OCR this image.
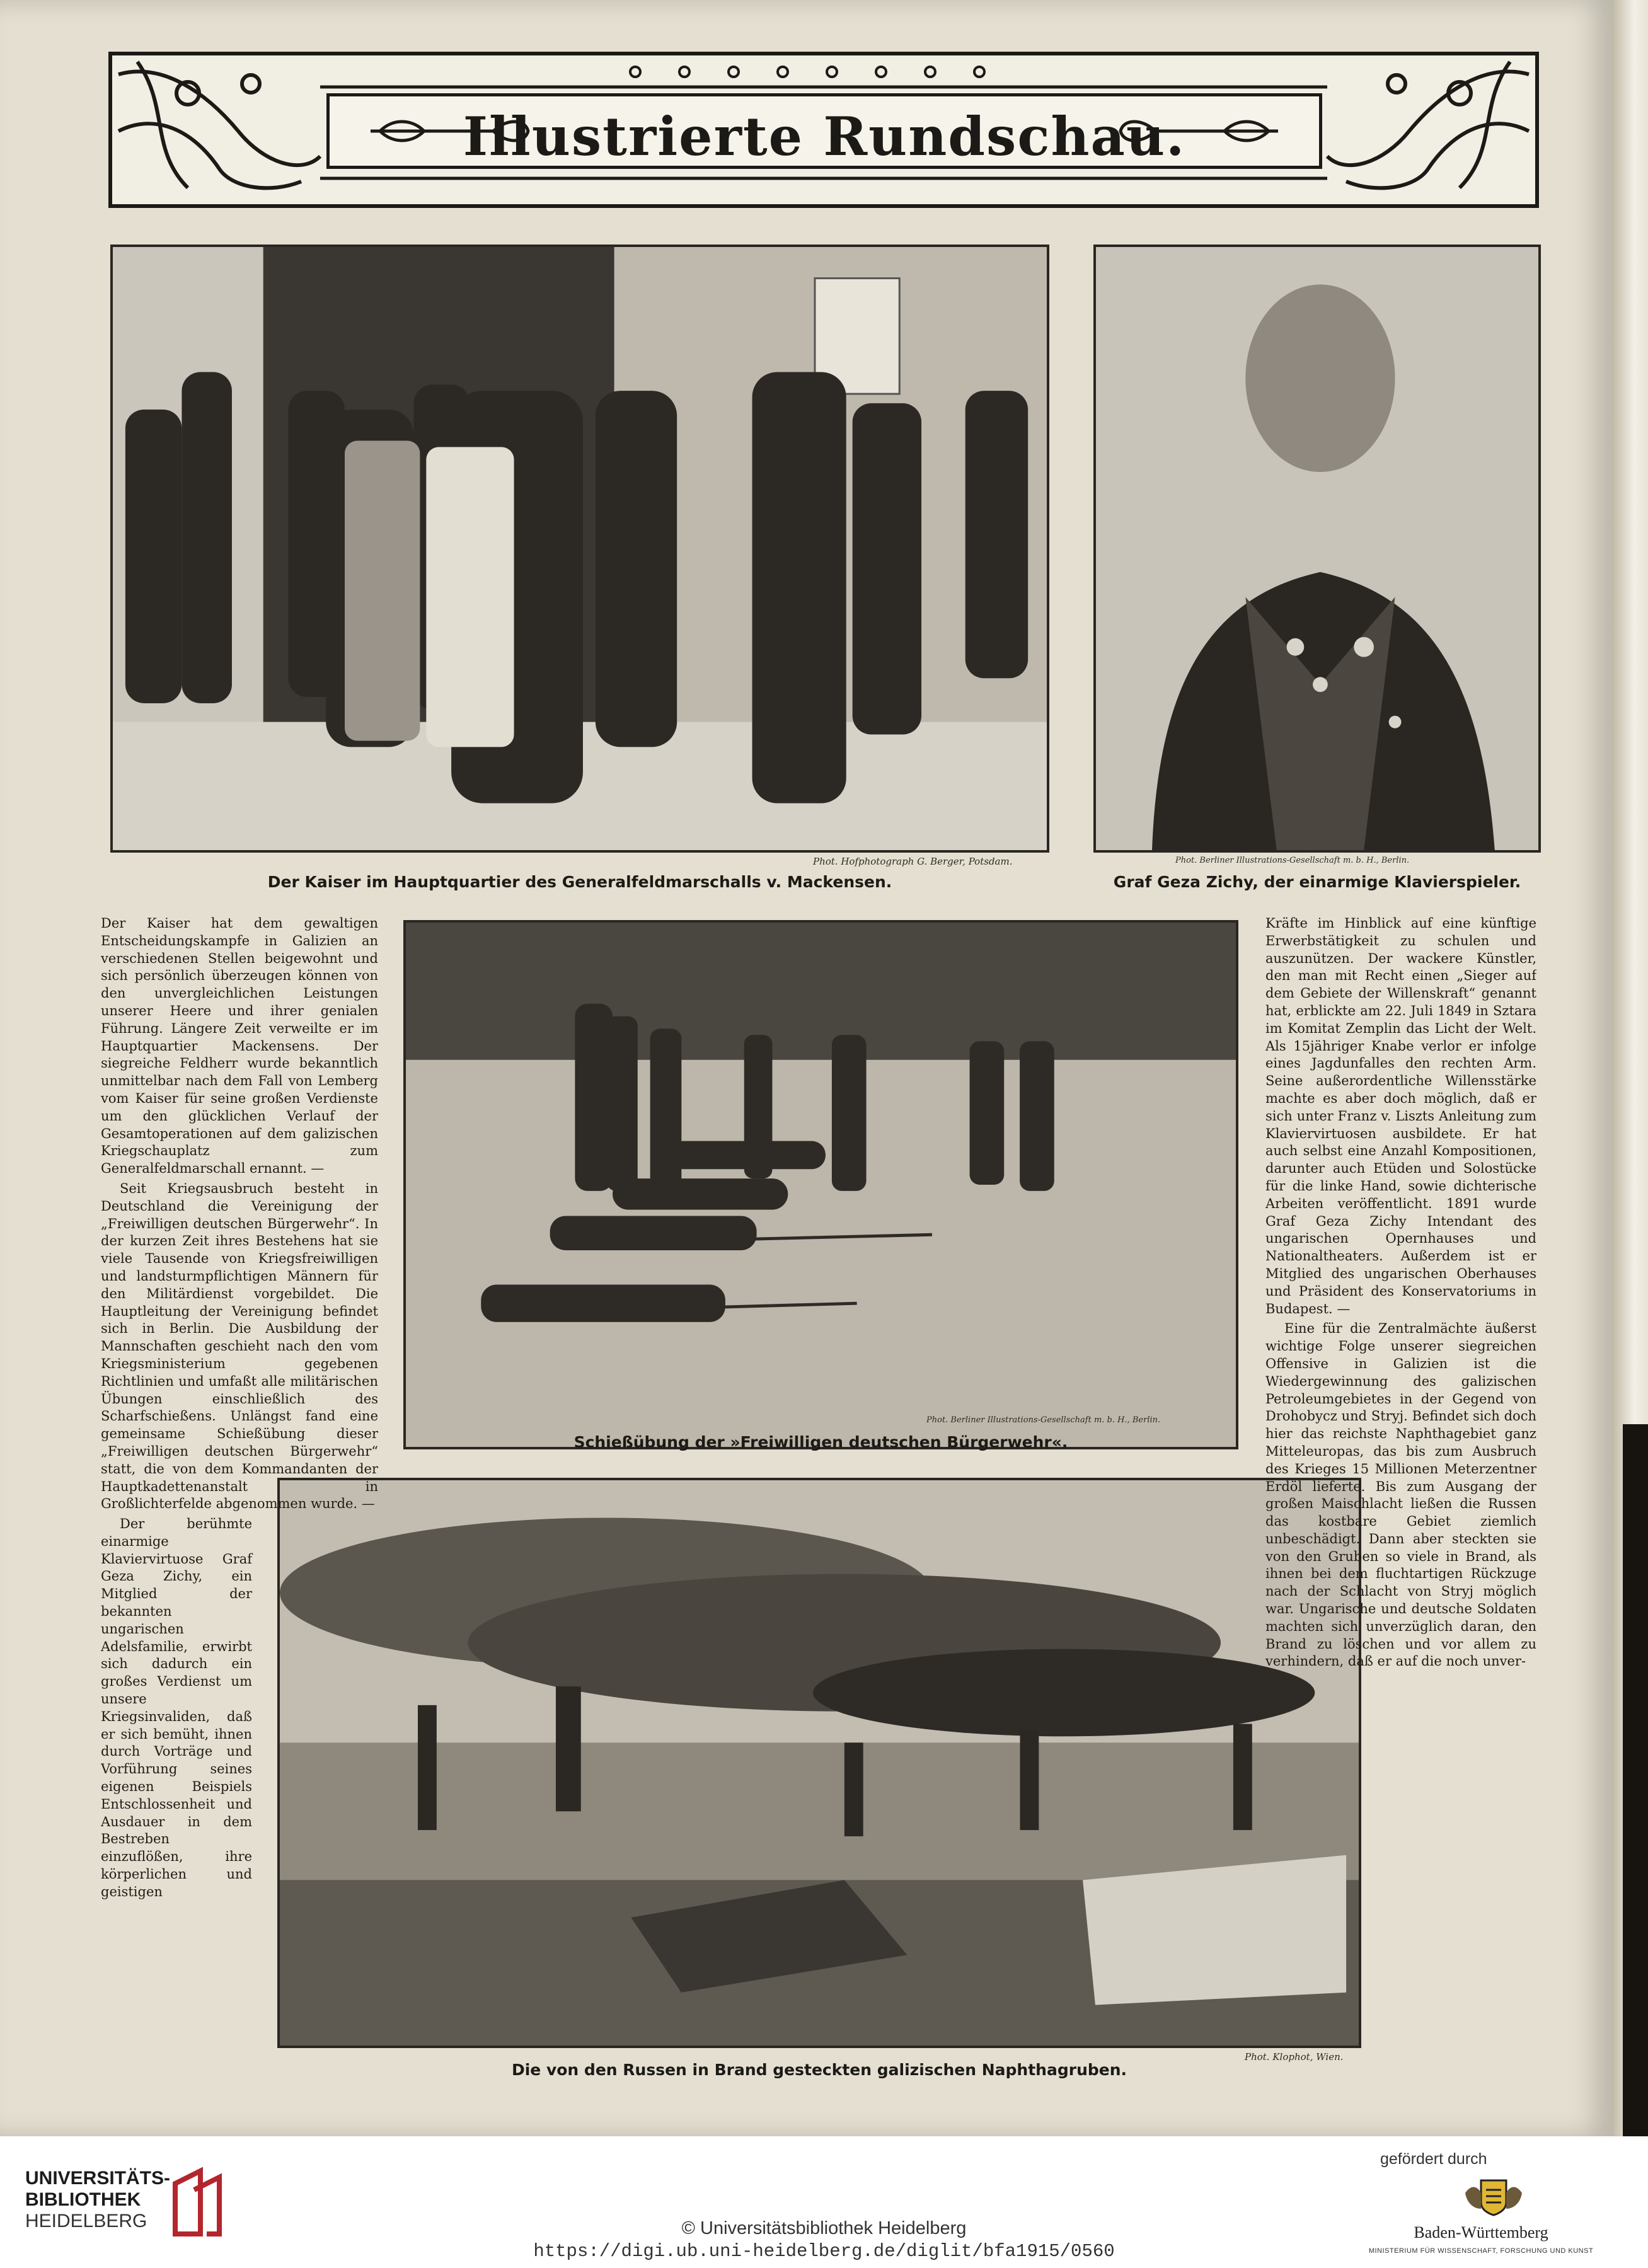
Illustrierte Rundschau.
Phot. Hofphotograph G. Berger, Potsdam.
Der Kaiser im Hauptquartier des Generalfeldmarschalls v. Mackensen.
Phot. Berliner Illustrations-Gesellschaft m. b. H., Berlin.
Graf Geza Zichy, der einarmige Klavierspieler.
Phot. Berliner Illustrations-Gesellschaft m. b. H., Berlin.
Schießübung der »Freiwilligen deutschen Bürgerwehr«.
Phot. Klophot, Wien.
Die von den Russen in Brand gesteckten galizischen Naphthagruben.

Der Kaiser hat dem gewaltigen Entscheidungskampfe in Galizien an verschiedenen Stellen beigewohnt und sich persönlich überzeugen können von den unvergleichlichen Leistungen unserer Heere und ihrer genialen Führung. Längere Zeit verweilte er im Hauptquartier Mackensens. Der siegreiche Feldherr wurde bekanntlich unmittelbar nach dem Fall von Lemberg vom Kaiser für seine großen Verdienste um den glücklichen Verlauf der Gesamtoperationen auf dem galizischen Kriegschauplatz zum Generalfeldmarschall ernannt. —

Seit Kriegsausbruch besteht in Deutschland die Vereinigung der „Freiwilligen deutschen Bürgerwehr“. In der kurzen Zeit ihres Bestehens hat sie viele Tausende von Kriegsfreiwilligen und landsturmpflichtigen Männern für den Militärdienst vorgebildet. Die Hauptleitung der Vereinigung befindet sich in Berlin. Die Ausbildung der Mannschaften geschieht nach den vom Kriegsministerium gegebenen Richtlinien und umfaßt alle militärischen Übungen einschließlich des Scharfschießens. Unlängst fand eine gemeinsame Schießübung dieser „Freiwilligen deutschen Bürgerwehr“ statt, die von dem Kommandanten der Hauptkadettenanstalt in Großlichterfelde abgenommen wurde. —

Der berühmte einarmige Klaviervirtuose Graf Geza Zichy, ein Mitglied der bekannten ungarischen Adelsfamilie, erwirbt sich dadurch ein großes Verdienst um unsere Kriegsinvaliden, daß er sich bemüht, ihnen durch Vorträge und Vorführung seines eigenen Beispiels Entschlossenheit und Ausdauer in dem Bestreben einzuflößen, ihre körperlichen und geistigen

Kräfte im Hinblick auf eine künftige Erwerbstätigkeit zu schulen und auszunützen. Der wackere Künstler, den man mit Recht einen „Sieger auf dem Gebiete der Willenskraft“ genannt hat, erblickte am 22. Juli 1849 in Sztara im Komitat Zemplin das Licht der Welt. Als 15jähriger Knabe verlor er infolge eines Jagdunfalles den rechten Arm. Seine außerordentliche Willensstärke machte es aber doch möglich, daß er sich unter Franz v. Liszts Anleitung zum Klaviervirtuosen ausbildete. Er hat auch selbst eine Anzahl Kompositionen, darunter auch Etüden und Solostücke für die linke Hand, sowie dichterische Arbeiten veröffentlicht. 1891 wurde Graf Geza Zichy Intendant des ungarischen Opernhauses und Nationaltheaters. Außerdem ist er Mitglied des ungarischen Oberhauses und Präsident des Konservatoriums in Budapest. —

Eine für die Zentralmächte äußerst wichtige Folge unserer siegreichen Offensive in Galizien ist die Wiedergewinnung des galizischen Petroleumgebietes in der Gegend von Drohobycz und Stryj. Befindet sich doch hier das reichste Naphthagebiet ganz Mitteleuropas, das bis zum Ausbruch des Krieges 15 Millionen Meterzentner Erdöl lieferte. Bis zum Ausgang der großen Maischlacht ließen die Russen das kostbare Gebiet ziemlich unbeschädigt. Dann aber steckten sie von den Gruben so viele in Brand, als ihnen bei dem fluchtartigen Rückzuge nach der Schlacht von Stryj möglich war. Ungarische und deutsche Soldaten machten sich unverzüglich daran, den Brand zu löschen und vor allem zu verhindern, daß er auf die noch unver-

UNIVERSITÄTS-
BIBLIOTHEK
HEIDELBERG	© Universitätsbibliothek Heidelberg
https://digi.ub.uni-heidelberg.de/diglit/bfa1915/0560
gefördert durch
Baden-Württemberg
MINISTERIUM FÜR WISSENSCHAFT, FORSCHUNG UND KUNST
